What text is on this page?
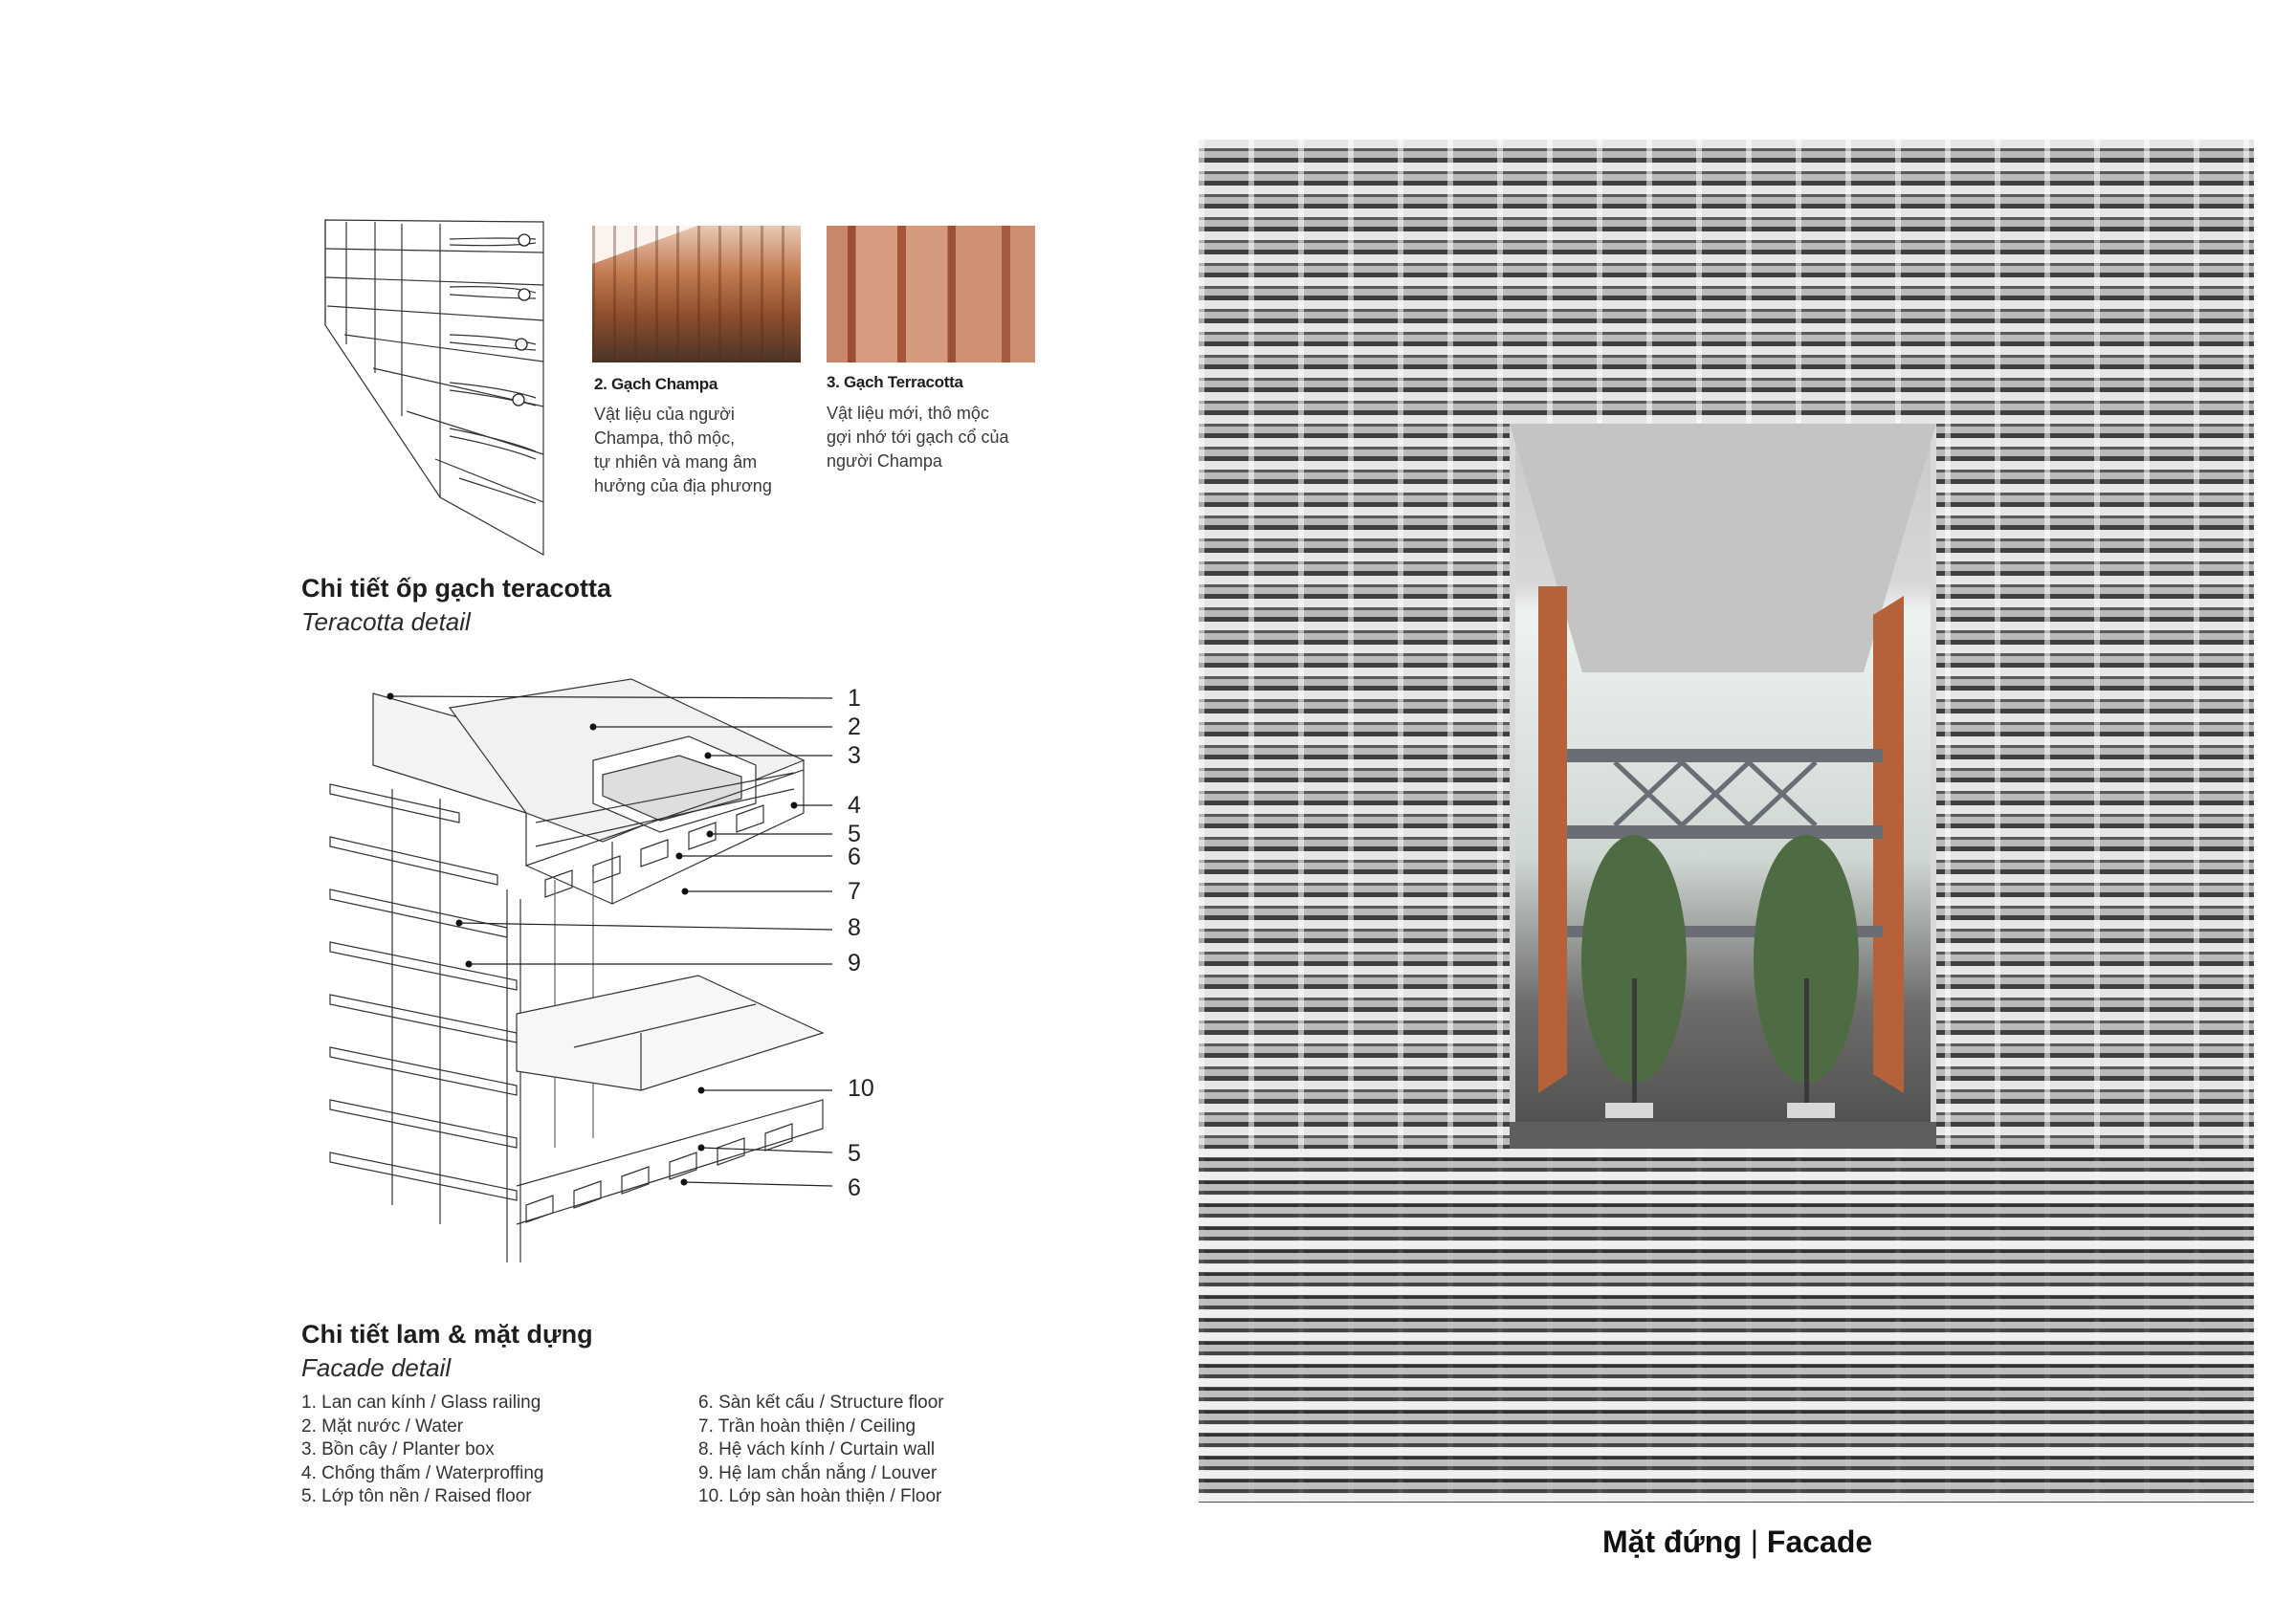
2. Gạch Champa
Vật liệu của người
Champa, thô mộc,
tự nhiên và mang âm
hưởng của địa phương
3. Gạch Terracotta
Vật liệu mới, thô mộc
gợi nhớ tới gạch cổ của
người Champa
Chi tiết ốp gạch teracotta
Teracotta detail
1
2
3
4
5
6
7
8
9
10
5
6
Chi tiết lam & mặt dựng
Facade detail
1. Lan can kính / Glass railing
2. Mặt nước / Water
3. Bồn cây / Planter box
4. Chống thấm / Waterproffing
5. Lớp tôn nền / Raised floor
6. Sàn kết cấu / Structure floor
7. Trần hoàn thiện / Ceiling
8. Hệ vách kính / Curtain wall
9. Hệ lam chắn nắng / Louver
10. Lớp sàn hoàn thiện / Floor
Mặt đứng | Facade
